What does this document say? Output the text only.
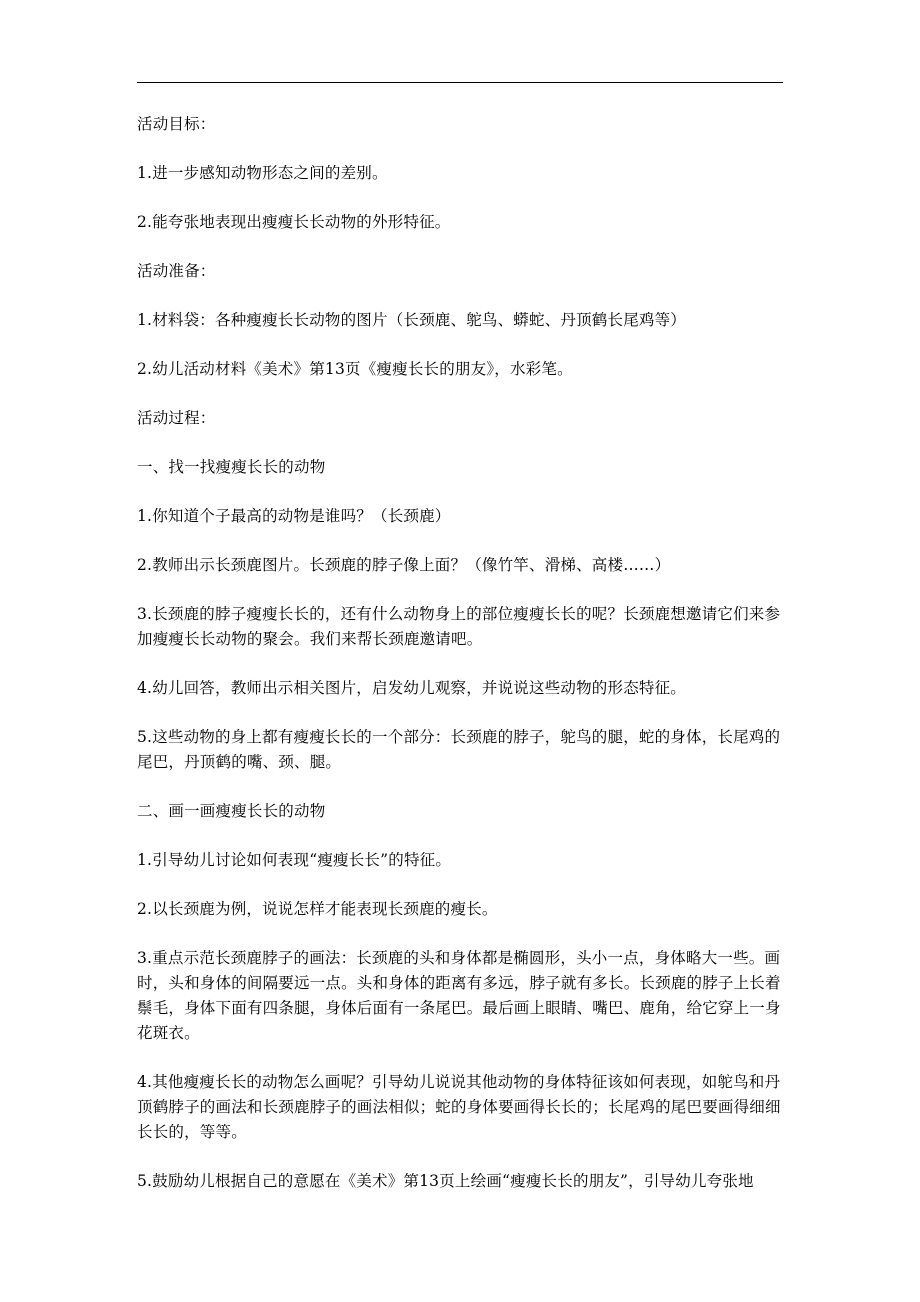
活动目标：

1.进一步感知动物形态之间的差别。

2.能夸张地表现出瘦瘦长长动物的外形特征。

活动准备：

1.材料袋：各种瘦瘦长长动物的图片（长颈鹿、鸵鸟、蟒蛇、丹顶鹤长尾鸡等）

2.幼儿活动材料《美术》第13页《瘦瘦长长的朋友》，水彩笔。

活动过程：

一、找一找瘦瘦长长的动物

1.你知道个子最高的动物是谁吗？（长颈鹿）

2.教师出示长颈鹿图片。长颈鹿的脖子像上面？（像竹竿、滑梯、高楼……）

3.长颈鹿的脖子瘦瘦长长的，还有什么动物身上的部位瘦瘦长长的呢？长颈鹿想邀请它们来参加瘦瘦长长动物的聚会。我们来帮长颈鹿邀请吧。

4.幼儿回答，教师出示相关图片，启发幼儿观察，并说说这些动物的形态特征。

5.这些动物的身上都有瘦瘦长长的一个部分：长颈鹿的脖子，鸵鸟的腿，蛇的身体，长尾鸡的尾巴，丹顶鹤的嘴、颈、腿。

二、画一画瘦瘦长长的动物

1.引导幼儿讨论如何表现“瘦瘦长长”的特征。

2.以长颈鹿为例，说说怎样才能表现长颈鹿的瘦长。

3.重点示范长颈鹿脖子的画法：长颈鹿的头和身体都是椭圆形，头小一点，身体略大一些。画时，头和身体的间隔要远一点。头和身体的距离有多远，脖子就有多长。长颈鹿的脖子上长着鬃毛，身体下面有四条腿，身体后面有一条尾巴。最后画上眼睛、嘴巴、鹿角，给它穿上一身花斑衣。

4.其他瘦瘦长长的动物怎么画呢？引导幼儿说说其他动物的身体特征该如何表现，如鸵鸟和丹顶鹤脖子的画法和长颈鹿脖子的画法相似；蛇的身体要画得长长的；长尾鸡的尾巴要画得细细长长的，等等。

5.鼓励幼儿根据自己的意愿在《美术》第13页上绘画“瘦瘦长长的朋友”，引导幼儿夸张地
